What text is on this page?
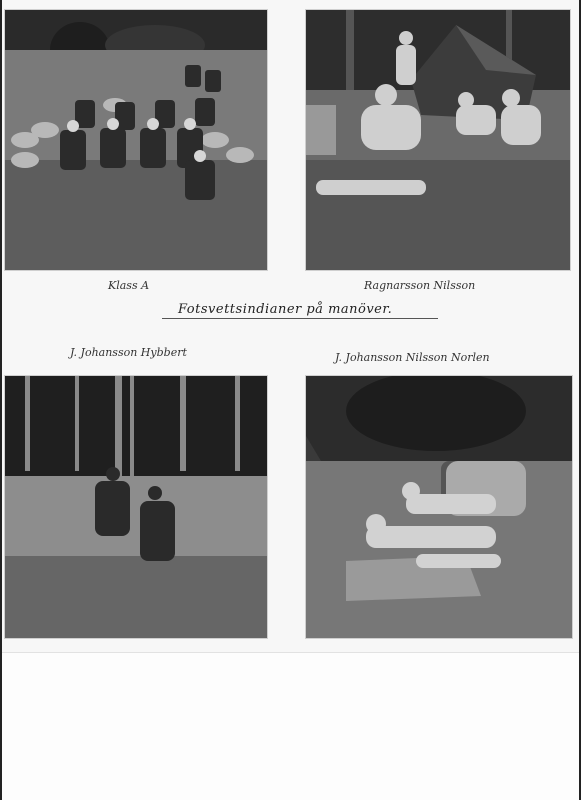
Klass A	Ragnarsson Nilsson
Fotsvettsindianer på manöver.
J. Johansson Hybbert	J. Johansson Nilsson Norlen
